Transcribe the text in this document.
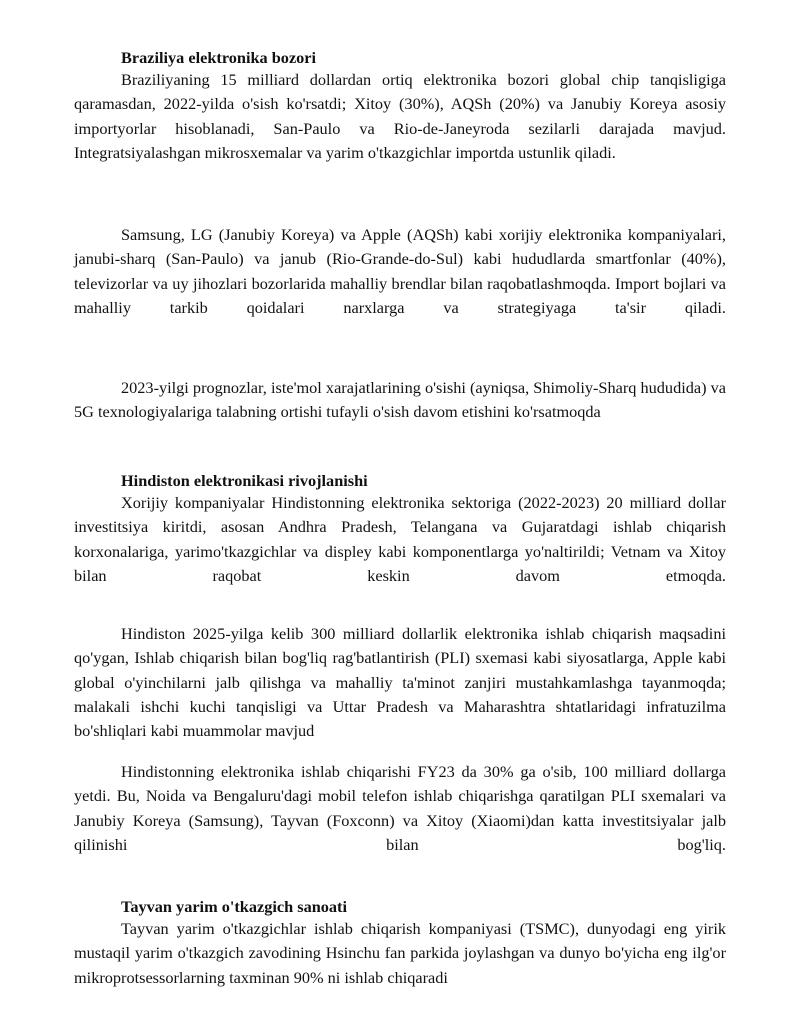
Braziliya elektronika bozori

Braziliyaning 15 milliard dollardan ortiq elektronika bozori global chip tanqisligiga qaramasdan, 2022-yilda o'sish ko'rsatdi; Xitoy (30%), AQSh (20%) va Janubiy Koreya asosiy importyorlar hisoblanadi, San-Paulo va Rio-de-Janeyroda sezilarli darajada mavjud. Integratsiyalashgan mikrosxemalar va yarim o'tkazgichlar importda ustunlik qiladi.

Samsung, LG (Janubiy Koreya) va Apple (AQSh) kabi xorijiy elektronika kompaniyalari, janubi-sharq (San-Paulo) va janub (Rio-Grande-do-Sul) kabi hududlarda smartfonlar (40%), televizorlar va uy jihozlari bozorlarida mahalliy brendlar bilan raqobatlashmoqda. Import bojlari va mahalliy tarkib qoidalari narxlarga va strategiyaga ta'sir qiladi.

2023-yilgi prognozlar, iste'mol xarajatlarining o'sishi (ayniqsa, Shimoliy-Sharq hududida) va 5G texnologiyalariga talabning ortishi tufayli o'sish davom etishini ko'rsatmoqda

Hindiston elektronikasi rivojlanishi

Xorijiy kompaniyalar Hindistonning elektronika sektoriga (2022-2023) 20 milliard dollar investitsiya kiritdi, asosan Andhra Pradesh, Telangana va Gujaratdagi ishlab chiqarish korxonalariga, yarimo'tkazgichlar va displey kabi komponentlarga yo'naltirildi; Vetnam va Xitoy bilan raqobat keskin davom etmoqda.

Hindiston 2025-yilga kelib 300 milliard dollarlik elektronika ishlab chiqarish maqsadini qo'ygan, Ishlab chiqarish bilan bog'liq rag'batlantirish (PLI) sxemasi kabi siyosatlarga, Apple kabi global o'yinchilarni jalb qilishga va mahalliy ta'minot zanjiri mustahkamlashga tayanmoqda; malakali ishchi kuchi tanqisligi va Uttar Pradesh va Maharashtra shtatlaridagi infratuzilma bo'shliqlari kabi muammolar mavjud

Hindistonning elektronika ishlab chiqarishi FY23 da 30% ga o'sib, 100 milliard dollarga yetdi. Bu, Noida va Bengaluru'dagi mobil telefon ishlab chiqarishga qaratilgan PLI sxemalari va Janubiy Koreya (Samsung), Tayvan (Foxconn) va Xitoy (Xiaomi)dan katta investitsiyalar jalb qilinishi bilan bog'liq.

Tayvan yarim o'tkazgich sanoati

Tayvan yarim o'tkazgichlar ishlab chiqarish kompaniyasi (TSMC), dunyodagi eng yirik mustaqil yarim o'tkazgich zavodining Hsinchu fan parkida joylashgan va dunyo bo'yicha eng ilg'or mikroprotsessorlarning taxminan 90% ni ishlab chiqaradi
